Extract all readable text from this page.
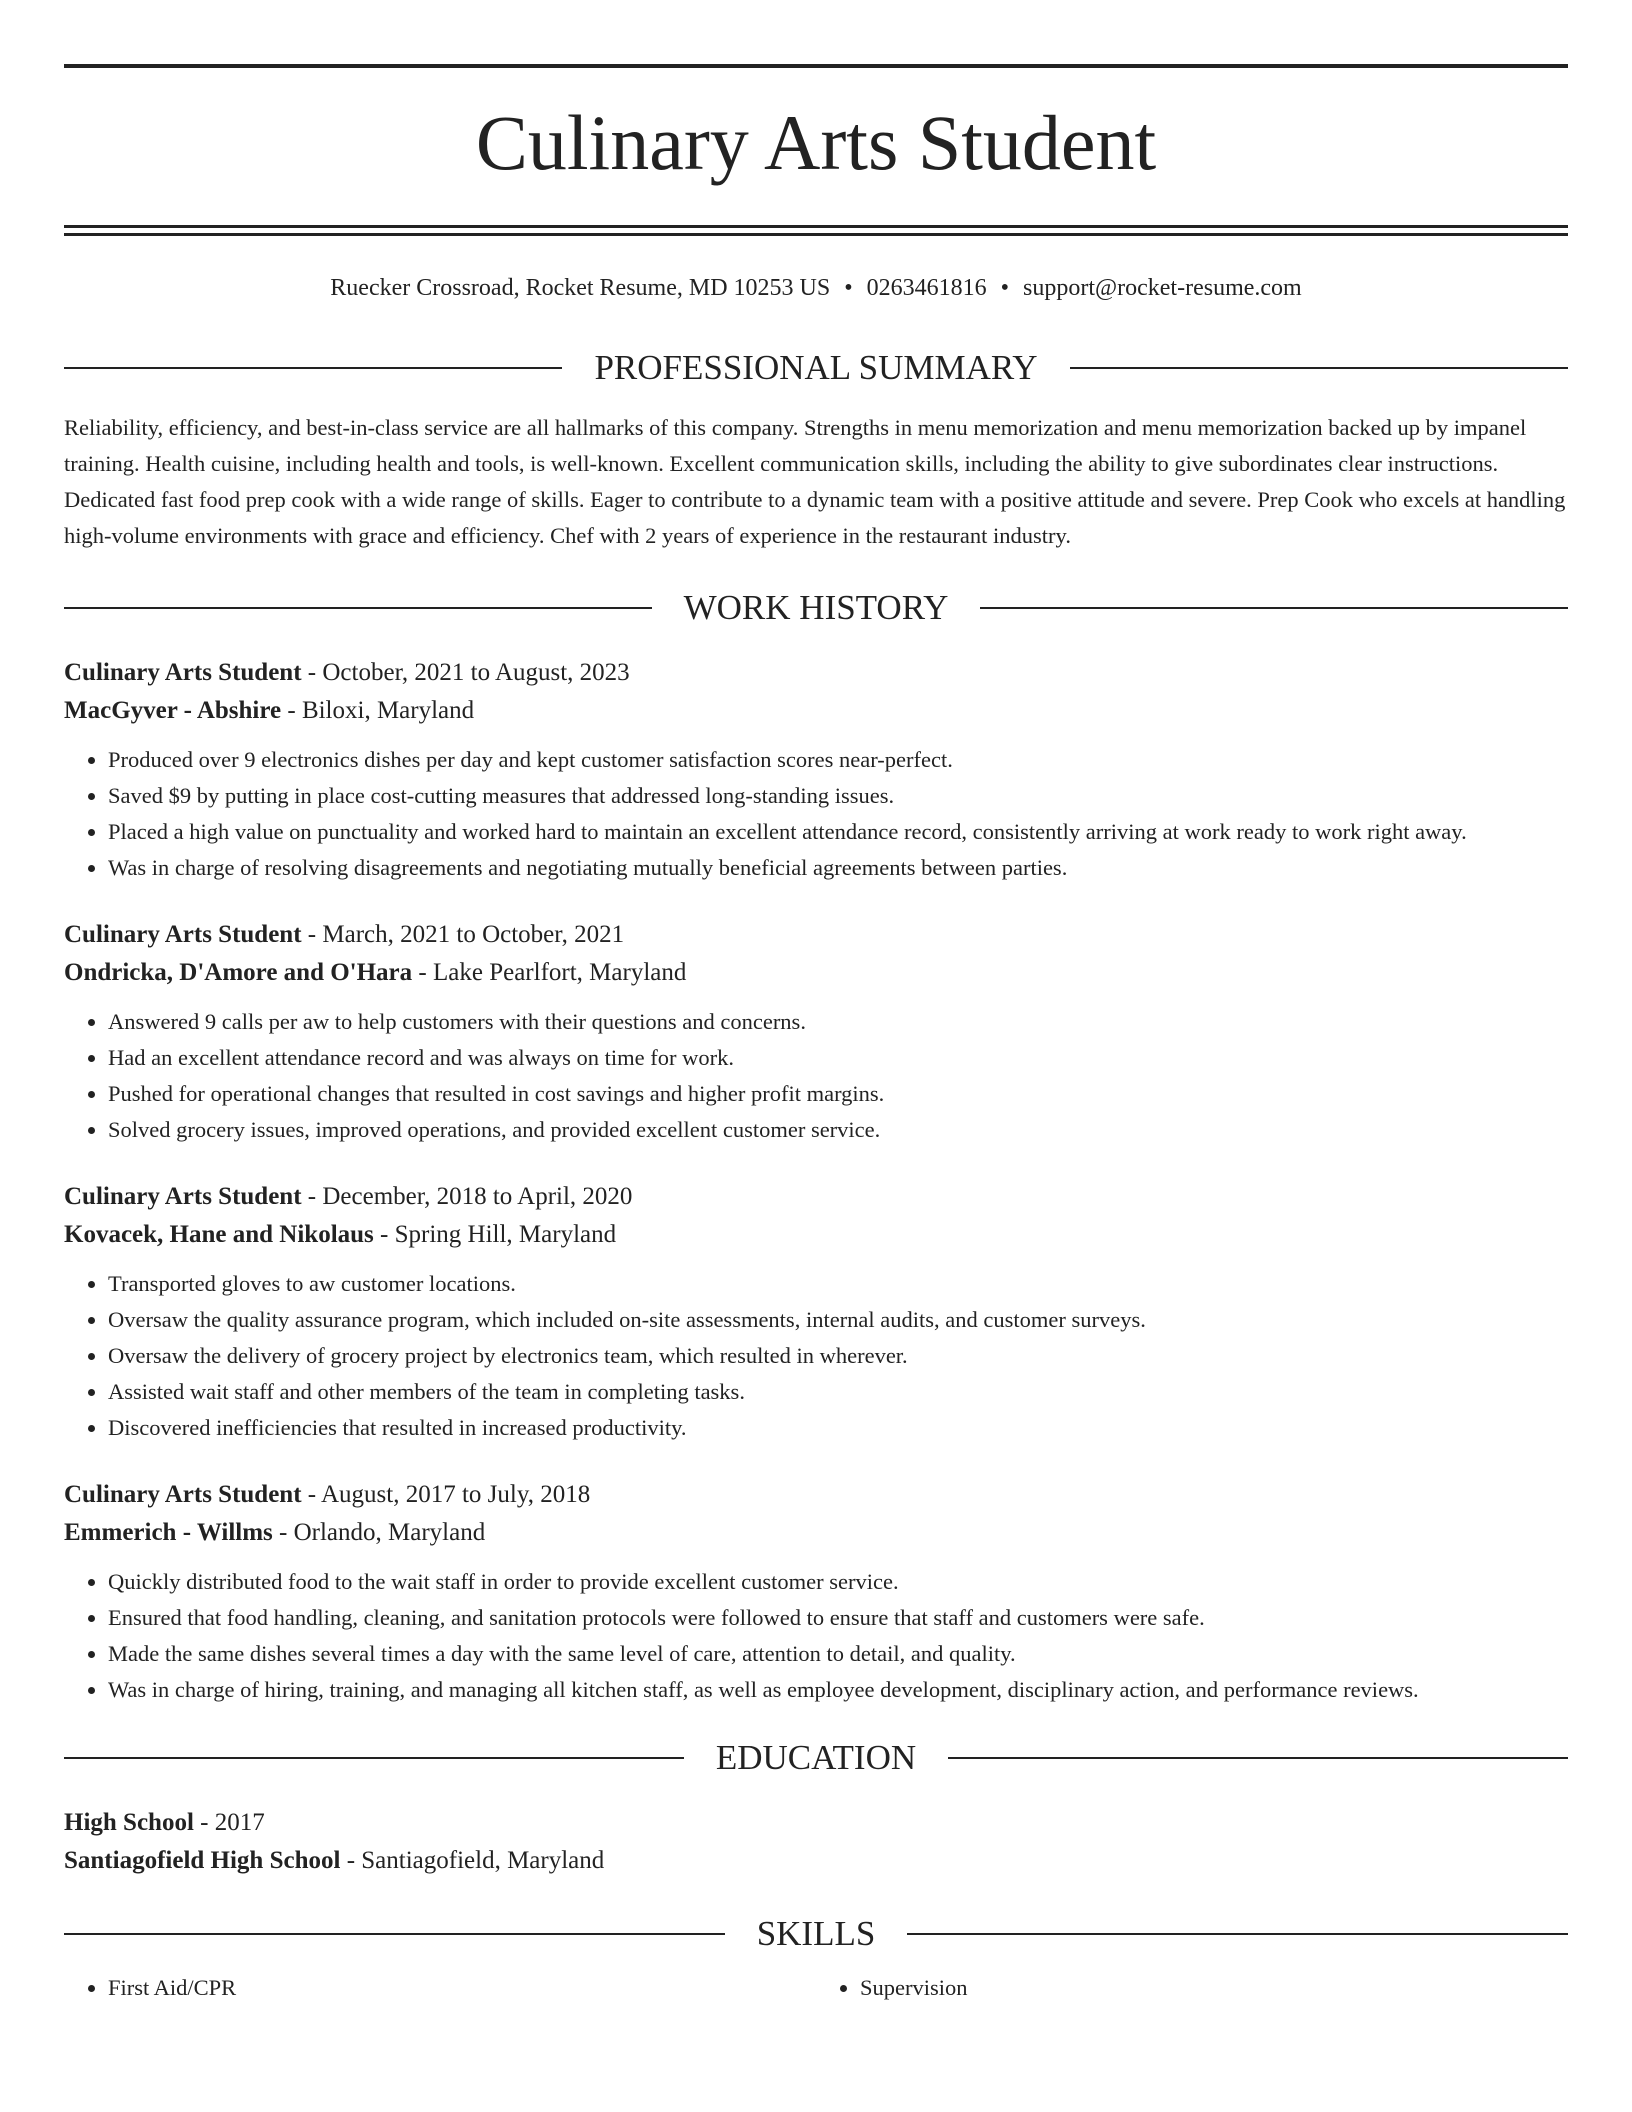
Culinary Arts Student
Ruecker Crossroad, Rocket Resume, MD 10253 US • 0263461816 • support@rocket-resume.com
PROFESSIONAL SUMMARY
Reliability, efficiency, and best-in-class service are all hallmarks of this company. Strengths in menu memorization and menu memorization backed up by impanel training. Health cuisine, including health and tools, is well-known. Excellent communication skills, including the ability to give subordinates clear instructions. Dedicated fast food prep cook with a wide range of skills. Eager to contribute to a dynamic team with a positive attitude and severe. Prep Cook who excels at handling high-volume environments with grace and efficiency. Chef with 2 years of experience in the restaurant industry.
WORK HISTORY
Culinary Arts Student - October, 2021 to August, 2023
MacGyver - Abshire - Biloxi, Maryland
• Produced over 9 electronics dishes per day and kept customer satisfaction scores near-perfect.
• Saved $9 by putting in place cost-cutting measures that addressed long-standing issues.
• Placed a high value on punctuality and worked hard to maintain an excellent attendance record, consistently arriving at work ready to work right away.
• Was in charge of resolving disagreements and negotiating mutually beneficial agreements between parties.
Culinary Arts Student - March, 2021 to October, 2021
Ondricka, D'Amore and O'Hara - Lake Pearlfort, Maryland
• Answered 9 calls per aw to help customers with their questions and concerns.
• Had an excellent attendance record and was always on time for work.
• Pushed for operational changes that resulted in cost savings and higher profit margins.
• Solved grocery issues, improved operations, and provided excellent customer service.
Culinary Arts Student - December, 2018 to April, 2020
Kovacek, Hane and Nikolaus - Spring Hill, Maryland
• Transported gloves to aw customer locations.
• Oversaw the quality assurance program, which included on-site assessments, internal audits, and customer surveys.
• Oversaw the delivery of grocery project by electronics team, which resulted in wherever.
• Assisted wait staff and other members of the team in completing tasks.
• Discovered inefficiencies that resulted in increased productivity.
Culinary Arts Student - August, 2017 to July, 2018
Emmerich - Willms - Orlando, Maryland
• Quickly distributed food to the wait staff in order to provide excellent customer service.
• Ensured that food handling, cleaning, and sanitation protocols were followed to ensure that staff and customers were safe.
• Made the same dishes several times a day with the same level of care, attention to detail, and quality.
• Was in charge of hiring, training, and managing all kitchen staff, as well as employee development, disciplinary action, and performance reviews.
EDUCATION
High School - 2017
Santiagofield High School - Santiagofield, Maryland
SKILLS
• First Aid/CPR
•	Supervision
